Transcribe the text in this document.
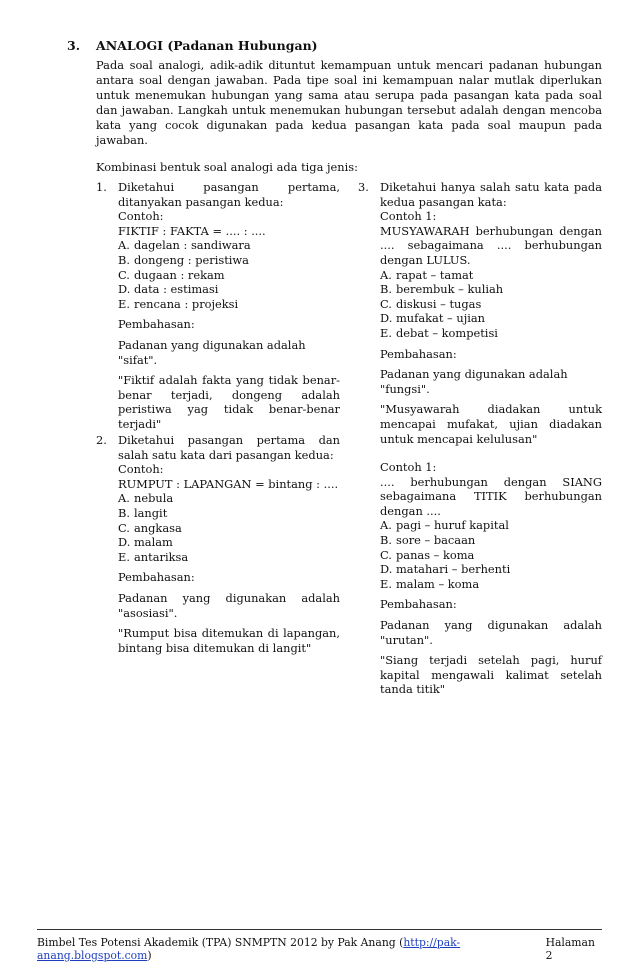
3. ANALOGI (Padanan Hubungan)

Pada soal analogi, adik-adik dituntut kemampuan untuk mencari padanan hubungan antara soal dengan jawaban. Pada tipe soal ini kemampuan nalar mutlak diperlukan untuk menemukan hubungan yang sama atau serupa pada pasangan kata pada soal dan jawaban. Langkah untuk menemukan hubungan tersebut adalah dengan mencoba kata yang cocok digunakan pada kedua pasangan kata pada soal maupun pada jawaban.

Kombinasi bentuk soal analogi ada tiga jenis:
1. Diketahui pasangan pertama, ditanyakan pasangan kedua:

Contoh:

FIKTIF : FAKTA = .... : ....

A. dagelan : sandiwara

B. dongeng : peristiwa

C. dugaan : rekam

D. data : estimasi

E. rencana : projeksi

Pembahasan:

Padanan yang digunakan adalah "sifat".

"Fiktif adalah fakta yang tidak benar-benar terjadi, dongeng adalah peristiwa yag tidak benar-benar terjadi"

2. Diketahui pasangan pertama dan salah satu kata dari pasangan kedua:

Contoh:

RUMPUT : LAPANGAN = bintang : ....

A. nebula

B. langit

C. angkasa

D. malam

E. antariksa

Pembahasan:

Padanan yang digunakan adalah "asosiasi".

"Rumput bisa ditemukan di lapangan, bintang bisa ditemukan di langit"

3. Diketahui hanya salah satu kata pada kedua pasangan kata:

Contoh 1:

MUSYAWARAH berhubungan dengan .... sebagaimana .... berhubungan dengan LULUS.

A. rapat – tamat

B. berembuk – kuliah

C. diskusi – tugas

D. mufakat – ujian

E. debat – kompetisi

Pembahasan:

Padanan yang digunakan adalah "fungsi".

"Musyawarah diadakan untuk mencapai mufakat, ujian diadakan untuk mencapai kelulusan"

Contoh 1:

.... berhubungan dengan SIANG sebagaimana TITIK berhubungan dengan ....

A. pagi – huruf kapital

B. sore – bacaan

C. panas – koma

D. matahari – berhenti

E. malam – koma

Pembahasan:

Padanan yang digunakan adalah "urutan".

"Siang terjadi setelah pagi, huruf kapital mengawali kalimat setelah tanda titik"

Bimbel Tes Potensi Akademik (TPA) SNMPTN 2012 by Pak Anang (http://pak-anang.blogspot.com)
Halaman 2
